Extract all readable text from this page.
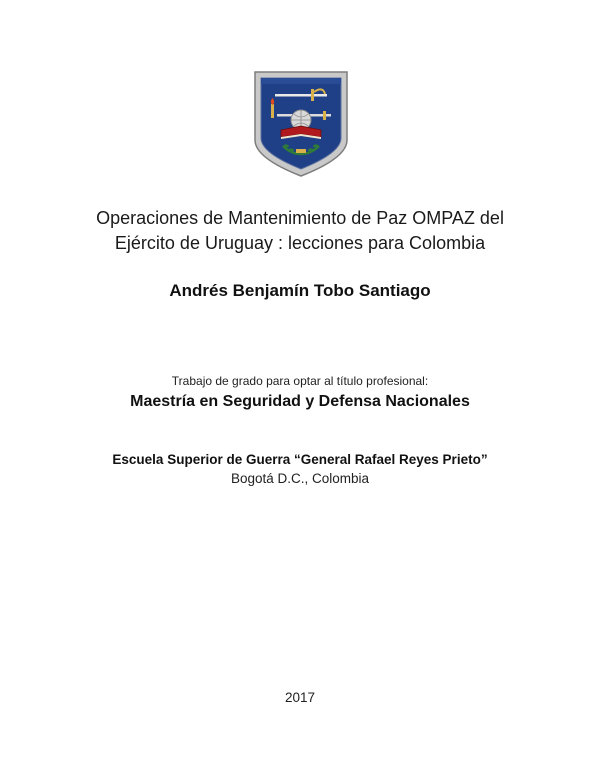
Operaciones de Mantenimiento de Paz OMPAZ del
Ejército de Uruguay : lecciones para Colombia
Andrés Benjamín Tobo Santiago
Trabajo de grado para optar al título profesional:
Maestría en Seguridad y Defensa Nacionales
Escuela Superior de Guerra “General Rafael Reyes Prieto”
Bogotá D.C., Colombia
2017
